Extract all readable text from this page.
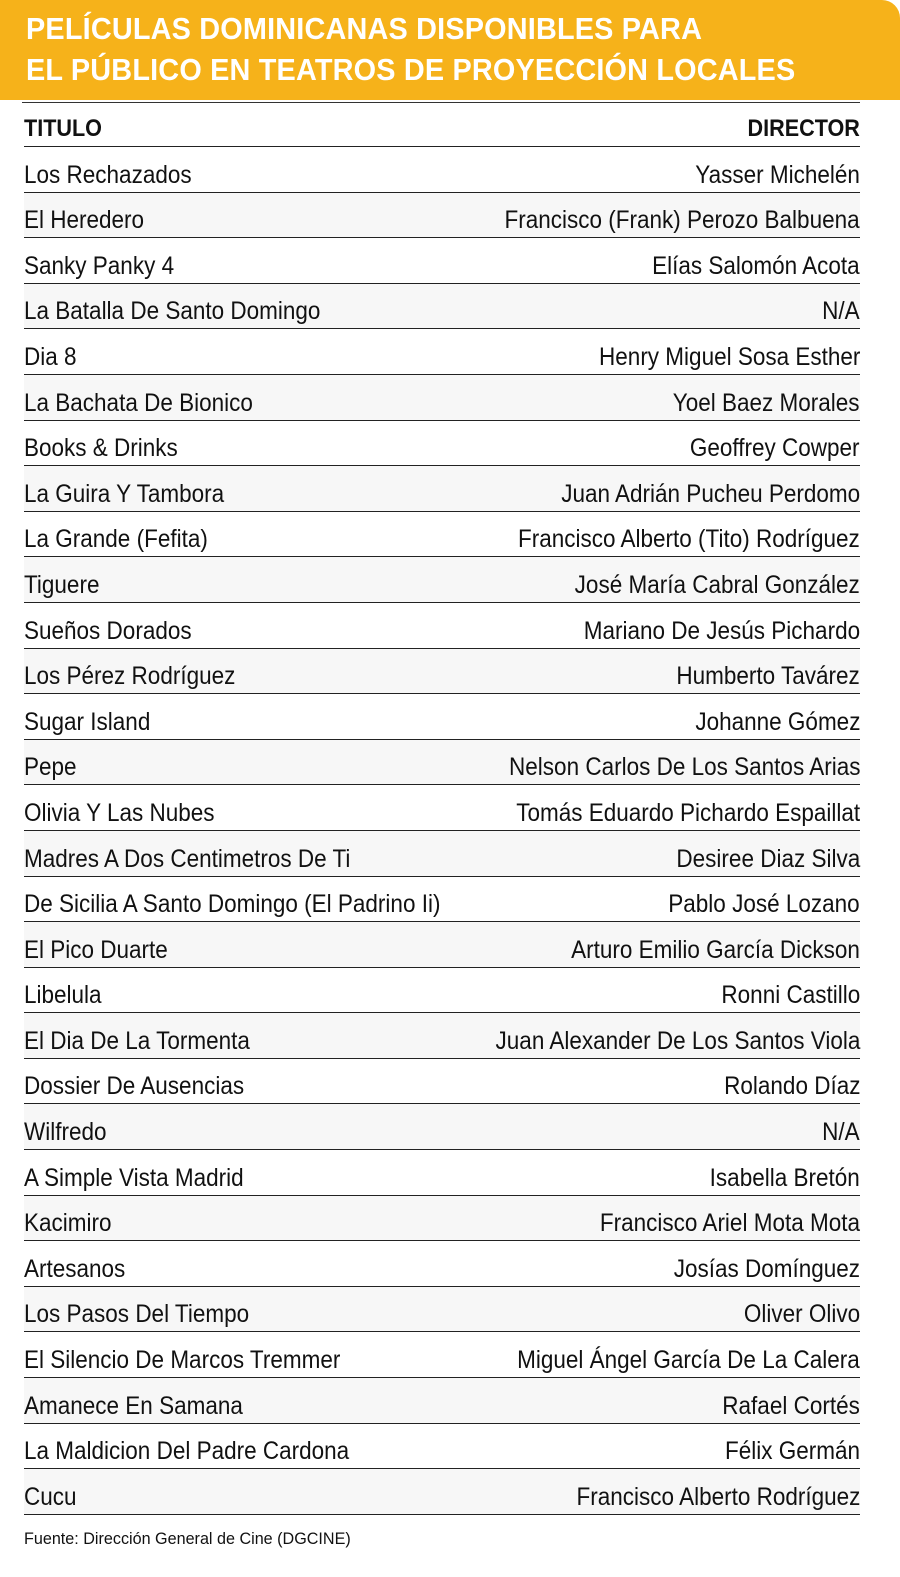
PELÍCULAS DOMINICANAS DISPONIBLES PARA
EL PÚBLICO EN TEATROS DE PROYECCIÓN LOCALES
TITULO	DIRECTOR
Los Rechazados	Yasser Michelén
El Heredero	Francisco (Frank) Perozo Balbuena
Sanky Panky 4	Elías Salomón Acota
La Batalla De Santo Domingo	N/A
Dia 8	Henry Miguel Sosa Esther
La Bachata De Bionico	Yoel Baez Morales
Books & Drinks	Geoffrey Cowper
La Guira Y Tambora	Juan Adrián Pucheu Perdomo
La Grande (Fefita)	Francisco Alberto (Tito) Rodríguez
Tiguere	José María Cabral González
Sueños Dorados	Mariano De Jesús Pichardo
Los Pérez Rodríguez	Humberto Tavárez
Sugar Island	Johanne Gómez
Pepe	Nelson Carlos De Los Santos Arias
Olivia Y Las Nubes	Tomás Eduardo Pichardo Espaillat
Madres A Dos Centimetros De Ti	Desiree Diaz Silva
De Sicilia A Santo Domingo (El Padrino Ii)	Pablo José Lozano
El Pico Duarte	Arturo Emilio García Dickson
Libelula	Ronni Castillo
El Dia De La Tormenta	Juan Alexander De Los Santos Viola
Dossier De Ausencias	Rolando Díaz
Wilfredo	N/A
A Simple Vista Madrid	Isabella Bretón
Kacimiro	Francisco Ariel Mota Mota
Artesanos	Josías Domínguez
Los Pasos Del Tiempo	Oliver Olivo
El Silencio De Marcos Tremmer	Miguel Ángel García De La Calera
Amanece En Samana	Rafael Cortés
La Maldicion Del Padre Cardona	Félix Germán
Cucu	Francisco Alberto Rodríguez
Fuente: Dirección General de Cine (DGCINE)
